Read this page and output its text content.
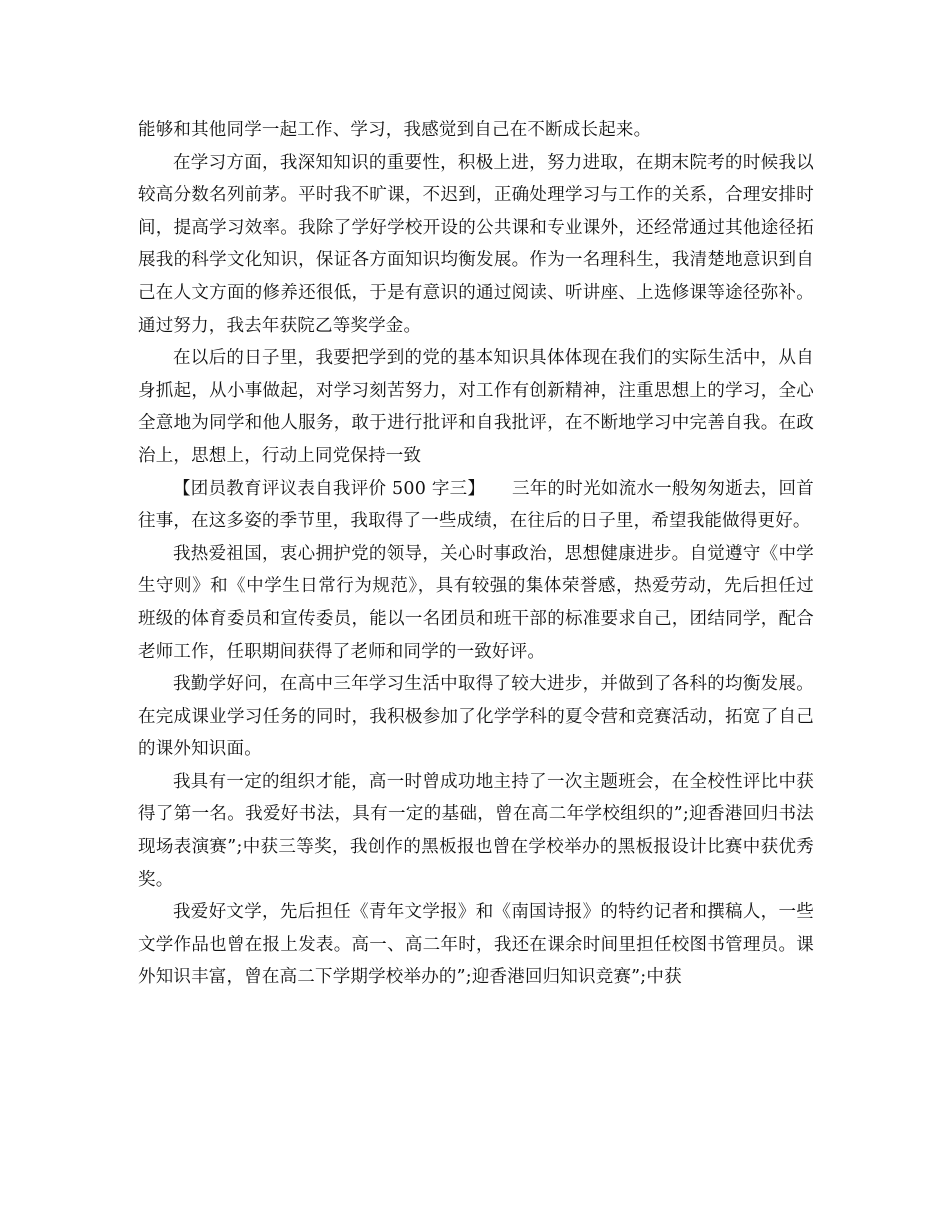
能够和其他同学一起工作、学习，我感觉到自己在不断成长起来。

在学习方面，我深知知识的重要性，积极上进，努力进取，在期末院考的时候我以较高分数名列前茅。平时我不旷课，不迟到，正确处理学习与工作的关系，合理安排时间，提高学习效率。我除了学好学校开设的公共课和专业课外，还经常通过其他途径拓展我的科学文化知识，保证各方面知识均衡发展。作为一名理科生，我清楚地意识到自己在人文方面的修养还很低，于是有意识的通过阅读、听讲座、上选修课等途径弥补。通过努力，我去年获院乙等奖学金。

在以后的日子里，我要把学到的党的基本知识具体体现在我们的实际生活中，从自身抓起，从小事做起，对学习刻苦努力，对工作有创新精神，注重思想上的学习，全心全意地为同学和他人服务，敢于进行批评和自我批评，在不断地学习中完善自我。在政治上，思想上，行动上同党保持一致

【团员教育评议表自我评价 500 字三】　　三年的时光如流水一般匆匆逝去，回首往事，在这多姿的季节里，我取得了一些成绩，在往后的日子里，希望我能做得更好。

我热爱祖国，衷心拥护党的领导，关心时事政治，思想健康进步。自觉遵守《中学生守则》和《中学生日常行为规范》，具有较强的集体荣誉感，热爱劳动，先后担任过班级的体育委员和宣传委员，能以一名团员和班干部的标准要求自己，团结同学，配合老师工作，任职期间获得了老师和同学的一致好评。

我勤学好问，在高中三年学习生活中取得了较大进步，并做到了各科的均衡发展。在完成课业学习任务的同时，我积极参加了化学学科的夏令营和竞赛活动，拓宽了自己的课外知识面。

我具有一定的组织才能，高一时曾成功地主持了一次主题班会，在全校性评比中获得了第一名。我爱好书法，具有一定的基础，曾在高二年学校组织的”;迎香港回归书法现场表演赛”;中获三等奖，我创作的黑板报也曾在学校举办的黑板报设计比赛中获优秀奖。

我爱好文学，先后担任《青年文学报》和《南国诗报》的特约记者和撰稿人，一些文学作品也曾在报上发表。高一、高二年时，我还在课余时间里担任校图书管理员。课外知识丰富，曾在高二下学期学校举办的”;迎香港回归知识竞赛”;中获
